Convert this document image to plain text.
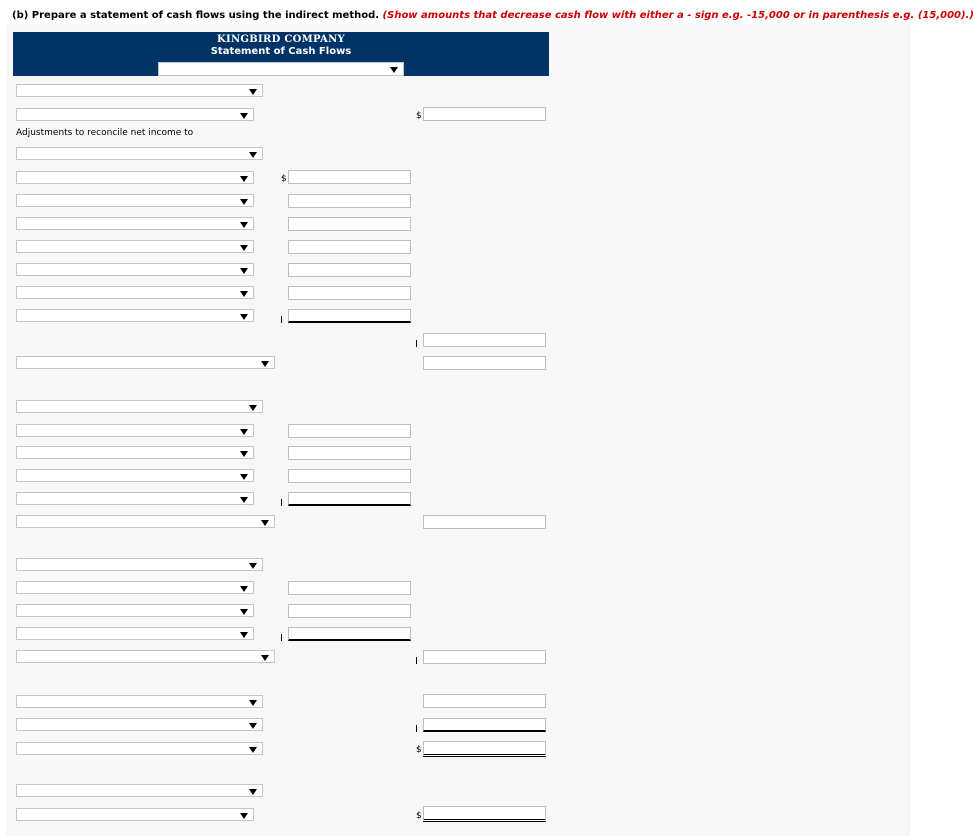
(b) Prepare a statement of cash flows using the indirect method. (Show amounts that decrease cash flow with either a - sign e.g. -15,000 or in parenthesis e.g. (15,000).)
KINGBIRD COMPANY
Statement of Cash Flows
$
Adjustments to reconcile net income to
$
$
$
